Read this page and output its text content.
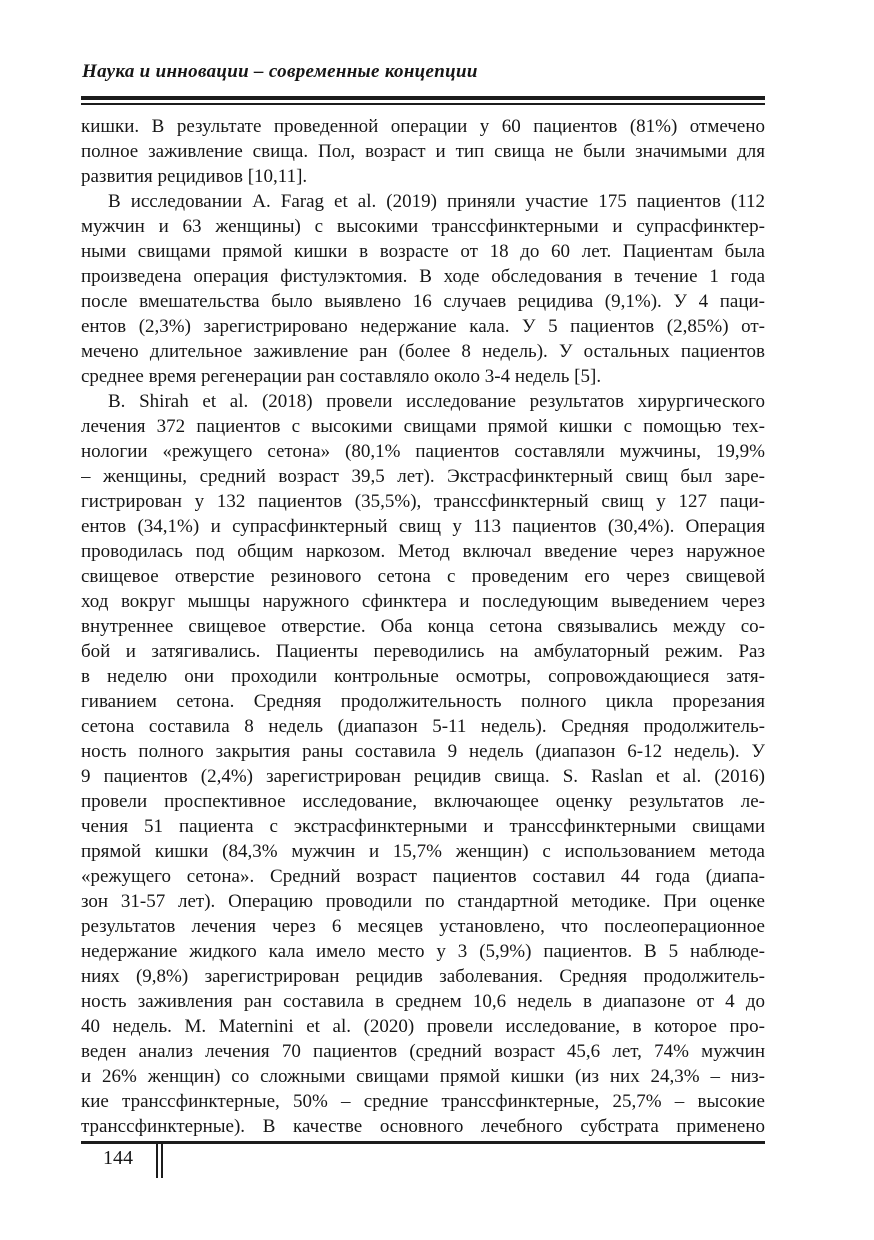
Наука и инновации – современные концепции
кишки. В результате проведенной операции у 60 пациентов (81%) отмечено
полное заживление свища. Пол, возраст и тип свища не были значимыми для
развития рецидивов [10,11].
В исследовании A. Farag et al. (2019) приняли участие 175 пациентов (112
мужчин и 63 женщины) с высокими транссфинктерными и супрасфинктер-
ными свищами прямой кишки в возрасте от 18 до 60 лет. Пациентам была
произведена операция фистулэктомия. В ходе обследования в течение 1 года
после вмешательства было выявлено 16 случаев рецидива (9,1%). У 4 паци-
ентов (2,3%) зарегистрировано недержание кала. У 5 пациентов (2,85%) от-
мечено длительное заживление ран (более 8 недель). У остальных пациентов
среднее время регенерации ран составляло около 3-4 недель [5].
B. Shirah et al. (2018) провели исследование результатов хирургического
лечения 372 пациентов с высокими свищами прямой кишки с помощью тех-
нологии «режущего сетона» (80,1% пациентов составляли мужчины, 19,9%
– женщины, средний возраст 39,5 лет). Экстрасфинктерный свищ был заре-
гистрирован у 132 пациентов (35,5%), транссфинктерный свищ у 127 паци-
ентов (34,1%) и супрасфинктерный свищ у 113 пациентов (30,4%). Операция
проводилась под общим наркозом. Метод включал введение через наружное
свищевое отверстие резинового сетона с проведеним его через свищевой
ход вокруг мышцы наружного сфинктера и последующим выведением через
внутреннее свищевое отверстие. Оба конца сетона связывались между со-
бой и затягивались. Пациенты переводились на амбулаторный режим. Раз
в неделю они проходили контрольные осмотры, сопровождающиеся затя-
гиванием сетона. Средняя продолжительность полного цикла прорезания
сетона составила 8 недель (диапазон 5-11 недель). Средняя продолжитель-
ность полного закрытия раны составила 9 недель (диапазон 6-12 недель). У
9 пациентов (2,4%) зарегистрирован рецидив свища. S. Raslan et al. (2016)
провели проспективное исследование, включающее оценку результатов ле-
чения 51 пациента с экстрасфинктерными и транссфинктерными свищами
прямой кишки (84,3% мужчин и 15,7% женщин) с использованием метода
«режущего сетона». Средний возраст пациентов составил 44 года (диапа-
зон 31-57 лет). Операцию проводили по стандартной методике. При оценке
результатов лечения через 6 месяцев установлено, что послеоперационное
недержание жидкого кала имело место у 3 (5,9%) пациентов. В 5 наблюде-
ниях (9,8%) зарегистрирован рецидив заболевания. Средняя продолжитель-
ность заживления ран составила в среднем 10,6 недель в диапазоне от 4 до
40 недель. M. Maternini et al. (2020) провели исследование, в которое про-
веден анализ лечения 70 пациентов (средний возраст 45,6 лет, 74% мужчин
и 26% женщин) со сложными свищами прямой кишки (из них 24,3% – низ-
кие транссфинктерные, 50% – средние транссфинктерные, 25,7% – высокие
транссфинктерные). В качестве основного лечебного субстрата применено
144
